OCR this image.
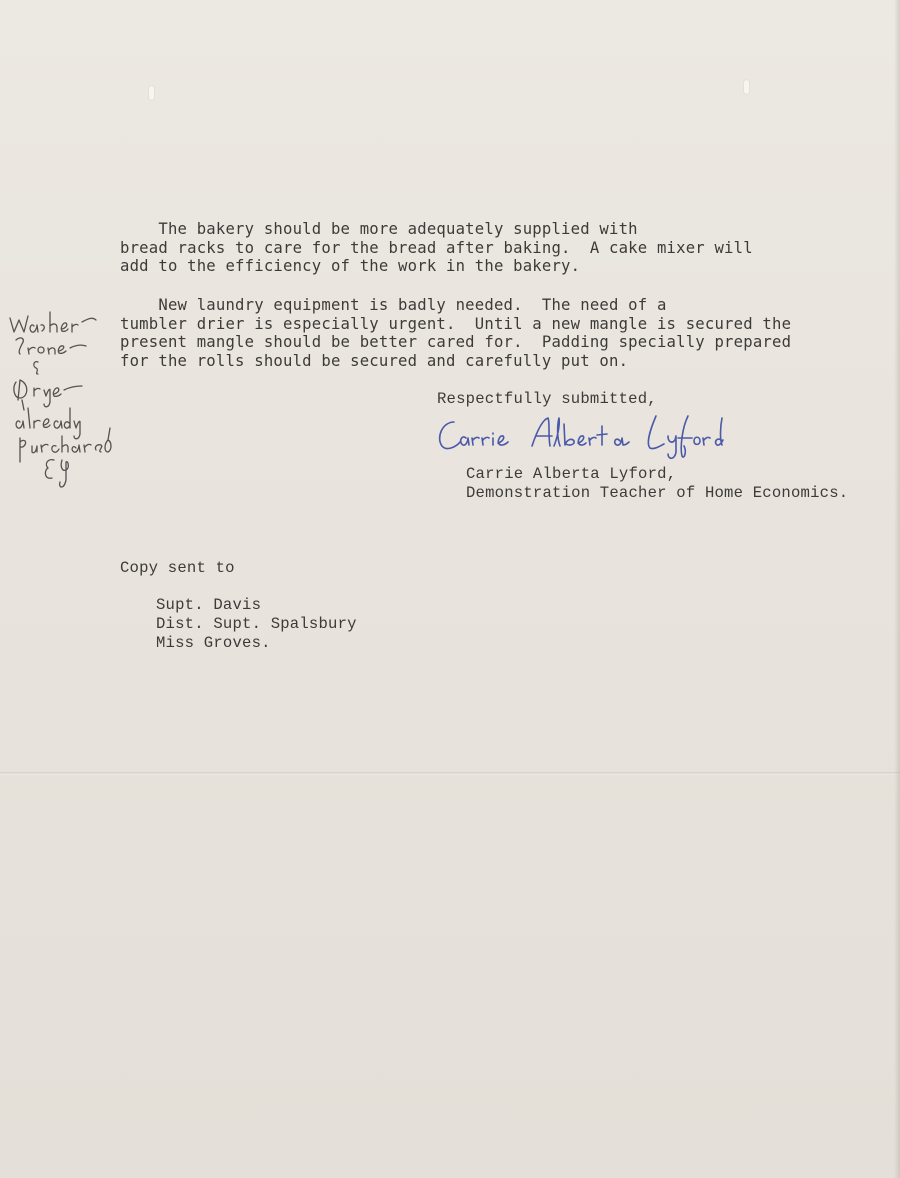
The bakery should be more adequately supplied with
bread racks to care for the bread after baking.  A cake mixer will
add to the efficiency of the work in the bakery.
New laundry equipment is badly needed.  The need of a
tumbler drier is especially urgent.  Until a new mangle is secured the
present mangle should be better cared for.  Padding specially prepared
for the rolls should be secured and carefully put on.
Respectfully submitted,
Carrie Alberta Lyford,
Demonstration Teacher of Home Economics.
Copy sent to
Supt. Davis
Dist. Supt. Spalsbury
Miss Groves.
